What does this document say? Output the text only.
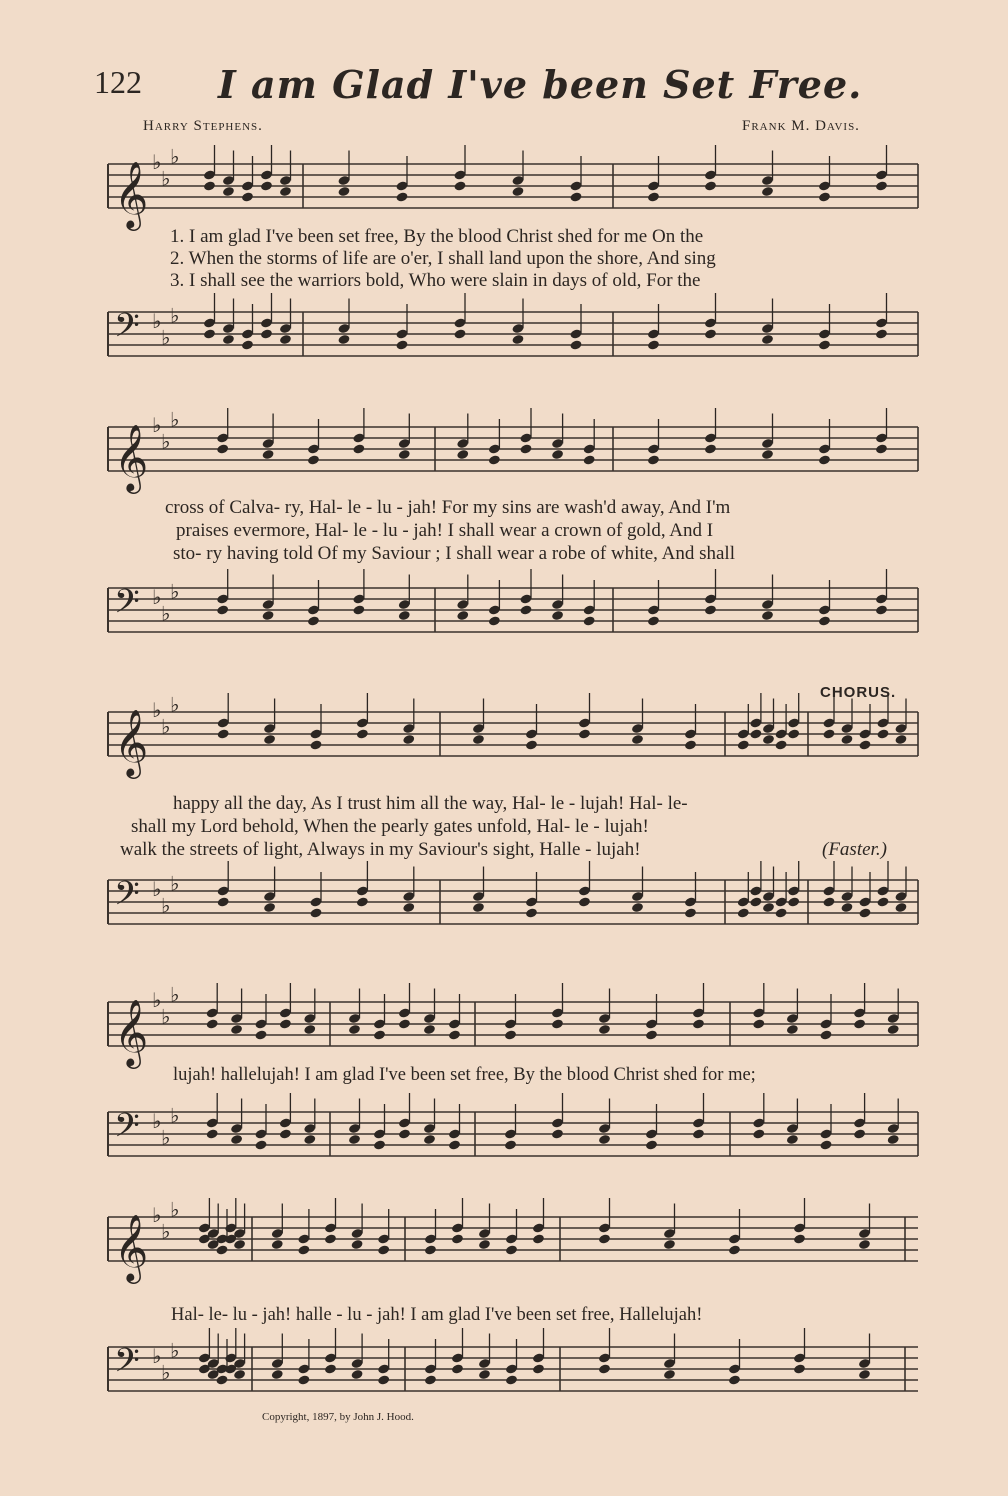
122 I am Glad I've been Set Free.
Harry Stephens.	Frank M. Davis.
𝄞 ♭
♭
♭
1. I am glad I've been set free, By the blood Christ shed for me On the
2. When the storms of life are o'er, I shall land upon the shore, And sing
3. I shall see the warriors bold, Who were slain in days of old, For the
𝄢 ♭
♭
♭
𝄞 ♭
♭
♭
cross of Calva- ry, Hal- le - lu - jah! For my sins are wash'd away, And I'm
praises evermore, Hal- le - lu - jah! I shall wear a crown of gold, And I
sto- ry having told Of my Saviour ; I shall wear a robe of white, And shall
𝄢 ♭
♭
♭
CHORUS.
𝄞 ♭
♭
♭
happy all the day, As I trust him all the way, Hal- le - lujah! Hal- le-
shall my Lord behold, When the pearly gates unfold, Hal- le - lujah!
walk the streets of light, Always in my Saviour's sight, Halle - lujah!	(Faster.)
𝄢 ♭
♭
♭
𝄞 ♭
♭
♭
lujah! hallelujah! I am glad I've been set free, By the blood Christ shed for me;
𝄢 ♭
♭
♭
𝄞 ♭
♭
♭
Hal- le- lu - jah! halle - lu - jah! I am glad I've been set free, Hallelujah!
𝄢 ♭
♭
♭
Copyright, 1897, by John J. Hood.
